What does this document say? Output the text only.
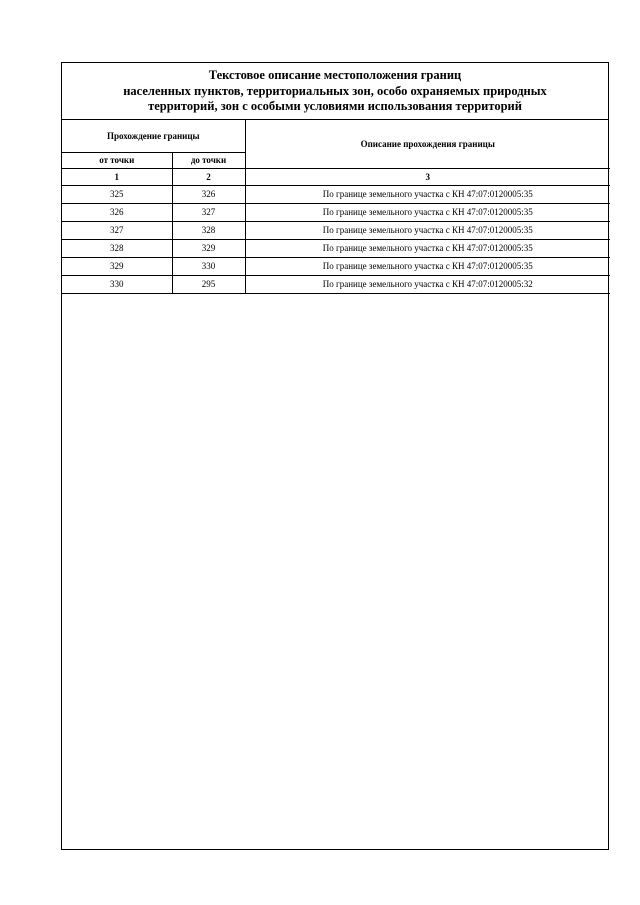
Текстовое описание местоположения границ
населенных пунктов, территориальных зон, особо охраняемых природных
территорий, зон с особыми условиями использования территорий
Прохождение границы		Описание прохождения границы
от точки	до точки	
1	2	3
325	326	По границе земельного участка с КН 47:07:0120005:35
326	327	По границе земельного участка с КН 47:07:0120005:35
327	328	По границе земельного участка с КН 47:07:0120005:35
328	329	По границе земельного участка с КН 47:07:0120005:35
329	330	По границе земельного участка с КН 47:07:0120005:35
330	295	По границе земельного участка с КН 47:07:0120005:32
